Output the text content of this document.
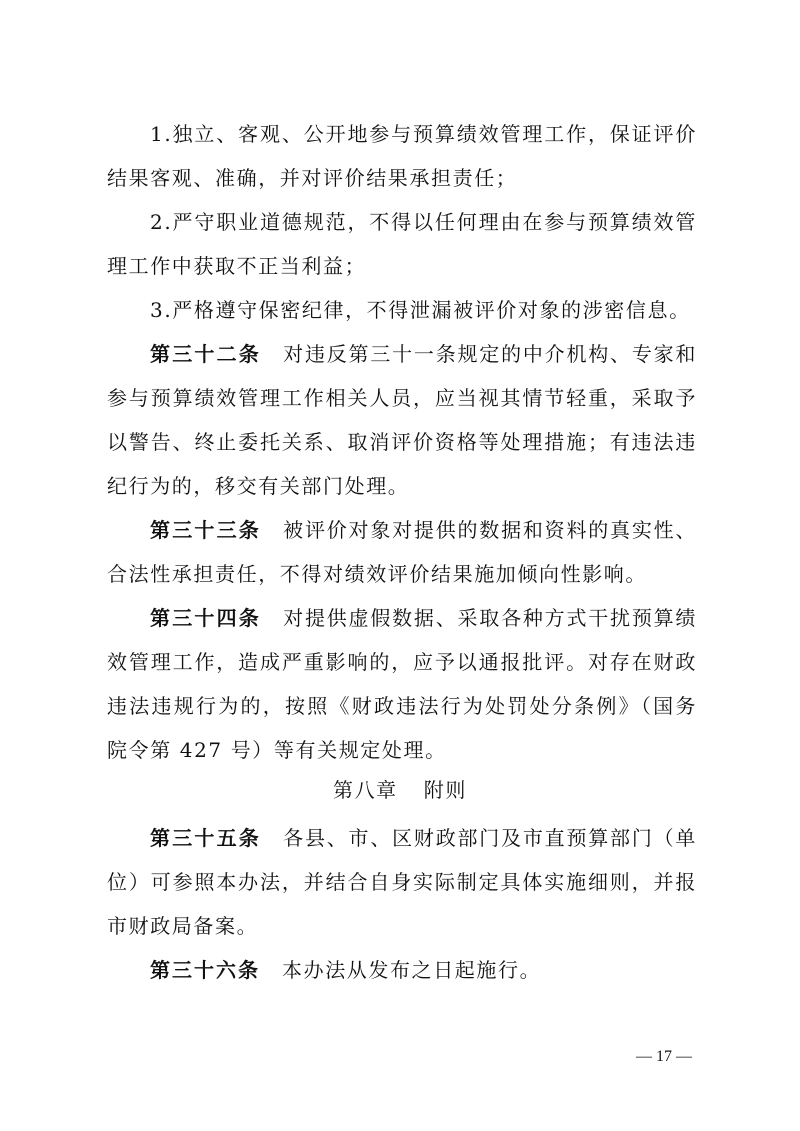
1.独立、客观、公开地参与预算绩效管理工作，保证评价结果客观、准确，并对评价结果承担责任；

2.严守职业道德规范，不得以任何理由在参与预算绩效管理工作中获取不正当利益；

3.严格遵守保密纪律，不得泄漏被评价对象的涉密信息。

第三十二条 对违反第三十一条规定的中介机构、专家和参与预算绩效管理工作相关人员，应当视其情节轻重，采取予以警告、终止委托关系、取消评价资格等处理措施；有违法违纪行为的，移交有关部门处理。

第三十三条 被评价对象对提供的数据和资料的真实性、合法性承担责任，不得对绩效评价结果施加倾向性影响。

第三十四条 对提供虚假数据、采取各种方式干扰预算绩效管理工作，造成严重影响的，应予以通报批评。对存在财政违法违规行为的，按照《财政违法行为处罚处分条例》（国务院令第 427 号）等有关规定处理。

第八章 附则

第三十五条 各县、市、区财政部门及市直预算部门（单位）可参照本办法，并结合自身实际制定具体实施细则，并报市财政局备案。

第三十六条 本办法从发布之日起施行。

— 17 —
